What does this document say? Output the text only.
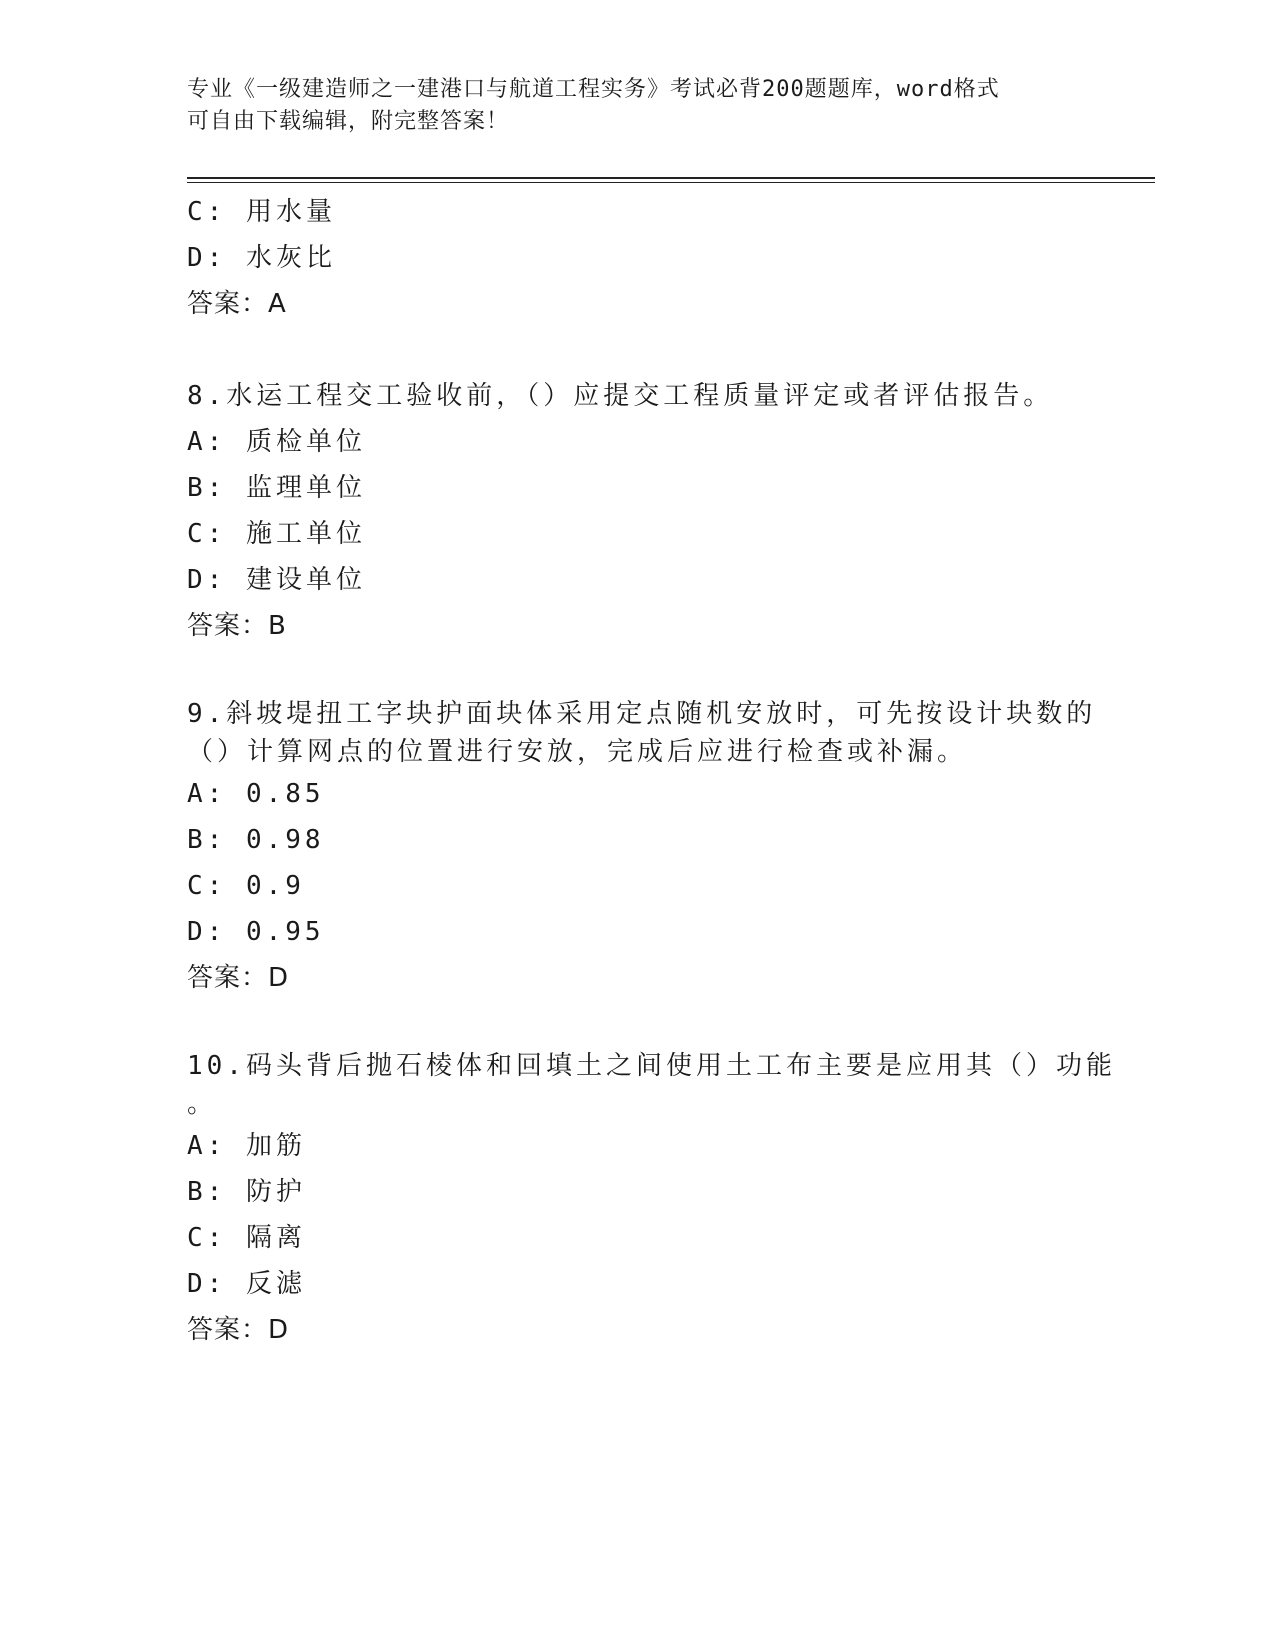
专业《一级建造师之一建港口与航道工程实务》考试必背200题题库，word格式
可自由下载编辑，附完整答案！
C: 用水量
D: 水灰比
答案：A
8.水运工程交工验收前，（）应提交工程质量评定或者评估报告。
A: 质检单位
B: 监理单位
C: 施工单位
D: 建设单位
答案：B
9.斜坡堤扭工字块护面块体采用定点随机安放时，可先按设计块数的
（）计算网点的位置进行安放，完成后应进行检查或补漏。
A: 0.85
B: 0.98
C: 0.9
D: 0.95
答案：D
10.码头背后抛石棱体和回填土之间使用土工布主要是应用其（）功能
。
A: 加筋
B: 防护
C: 隔离
D: 反滤
答案：D
